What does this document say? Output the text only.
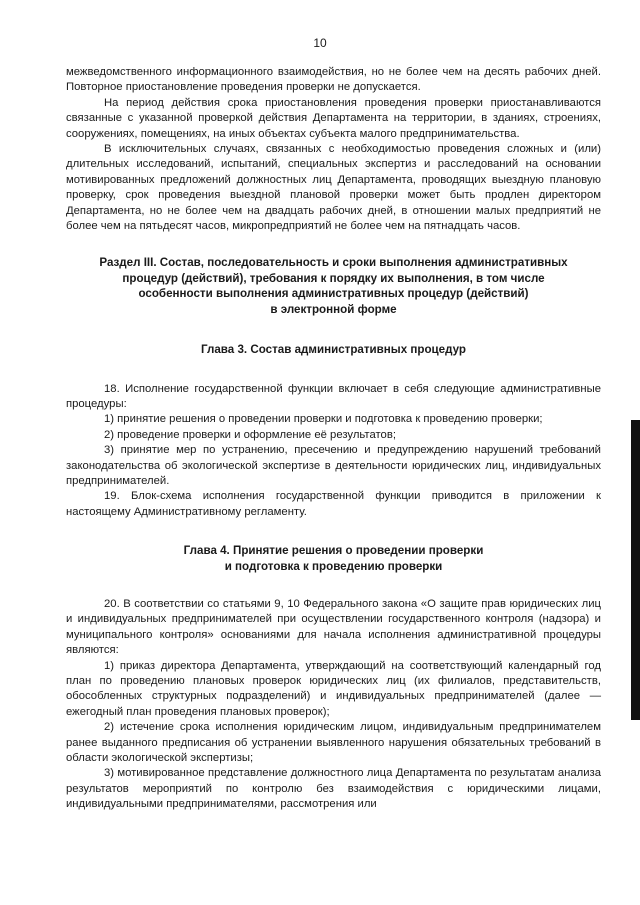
10

межведомственного информационного взаимодействия, но не более чем на десять рабочих дней. Повторное приостановление проведения проверки не допускается.

На период действия срока приостановления проведения проверки приостанавливаются связанные с указанной проверкой действия Департамента на территории, в зданиях, строениях, сооружениях, помещениях, на иных объектах субъекта малого предпринимательства.

В исключительных случаях, связанных с необходимостью проведения сложных и (или) длительных исследований, испытаний, специальных экспертиз и расследований на основании мотивированных предложений должностных лиц Департамента, проводящих выездную плановую проверку, срок проведения выездной плановой проверки может быть продлен директором Департамента, но не более чем на двадцать рабочих дней, в отношении малых предприятий не более чем на пятьдесят часов, микропредприятий не более чем на пятнадцать часов.

Раздел III. Состав, последовательность и сроки выполнения административных
процедур (действий), требования к порядку их выполнения, в том числе
особенности выполнения административных процедур (действий)
в электронной форме
Глава 3. Состав административных процедур

18. Исполнение государственной функции включает в себя следующие административные процедуры:

1) принятие решения о проведении проверки и подготовка к проведению проверки;

2) проведение проверки и оформление её результатов;

3) принятие мер по устранению, пресечению и предупреждению нарушений требований законодательства об экологической экспертизе в деятельности юридических лиц, индивидуальных предпринимателей.

19. Блок-схема исполнения государственной функции приводится в приложении к настоящему Административному регламенту.

Глава 4. Принятие решения о проведении проверки
и подготовка к проведению проверки

20. В соответствии со статьями 9, 10 Федерального закона «О защите прав юридических лиц и индивидуальных предпринимателей при осуществлении государственного контроля (надзора) и муниципального контроля» основаниями для начала исполнения административной процедуры являются:

1) приказ директора Департамента, утверждающий на соответствующий календарный год план по проведению плановых проверок юридических лиц (их филиалов, представительств, обособленных структурных подразделений) и индивидуальных предпринимателей (далее — ежегодный план проведения плановых проверок);

2) истечение срока исполнения юридическим лицом, индивидуальным предпринимателем ранее выданного предписания об устранении выявленного нарушения обязательных требований в области экологической экспертизы;

3) мотивированное представление должностного лица Департамента по результатам анализа результатов мероприятий по контролю без взаимодействия с юридическими лицами, индивидуальными предпринимателями, рассмотрения или
